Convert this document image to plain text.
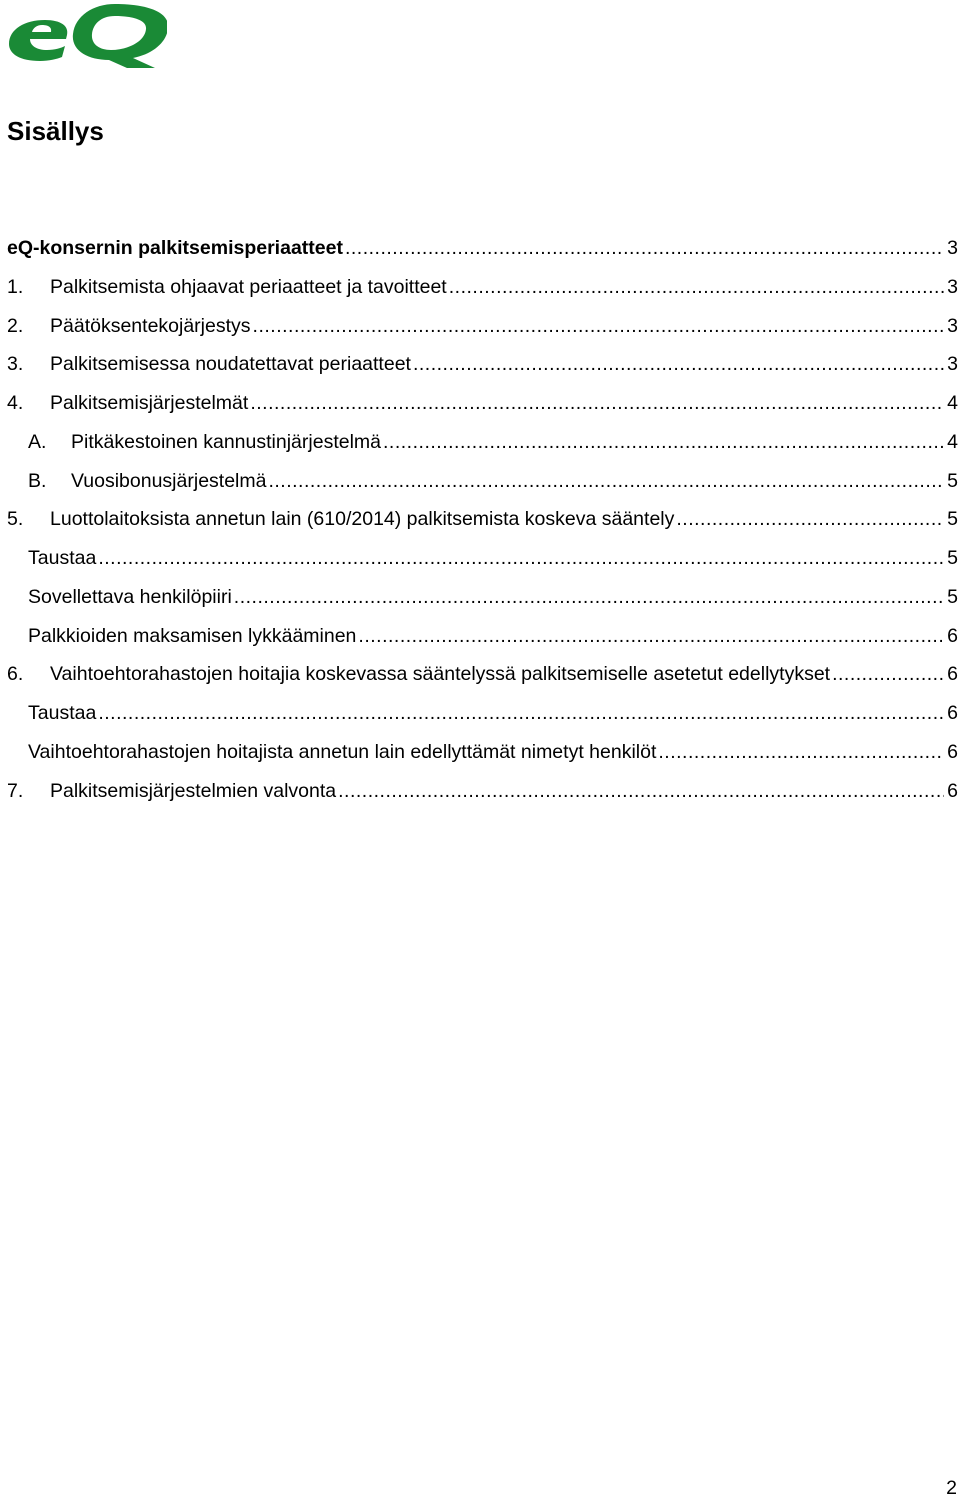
Sisällys
eQ-konsernin palkitsemisperiaatteet .....	3
1.	Palkitsemista ohjaavat periaatteet ja tavoitteet .....	3
2.	Päätöksentekojärjestys .....	3
3.	Palkitsemisessa noudatettavat periaatteet .....	3
4.	Palkitsemisjärjestelmät .....	4
A.	Pitkäkestoinen kannustinjärjestelmä .....	4
B.	Vuosibonusjärjestelmä .....	5
5.	Luottolaitoksista annetun lain (610/2014) palkitsemista koskeva sääntely .....	5
Taustaa .....	5
Sovellettava henkilöpiiri .....	5
Palkkioiden maksamisen lykkääminen .....	6
6.	Vaihtoehtorahastojen hoitajia koskevassa sääntelyssä palkitsemiselle asetetut edellytykset .....	6
Taustaa .....	6
Vaihtoehtorahastojen hoitajista annetun lain edellyttämät nimetyt henkilöt .....	6
7.	Palkitsemisjärjestelmien valvonta .....	6
2
